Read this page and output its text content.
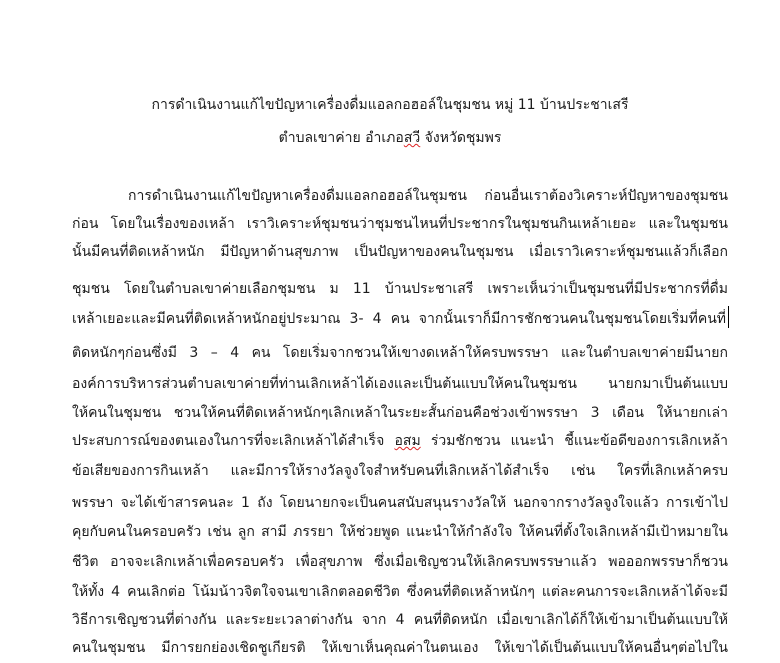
การดำเนินงานแก้ไขปัญหาเครื่องดื่มแอลกอฮอล์ในชุมชน หมู่ 11 บ้านประชาเสรี
ตำบลเขาค่าย อำเภอสวี จังหวัดชุมพร
การดำเนินงานแก้ไขปัญหาเครื่องดื่มแอลกอฮอล์ในชุมชน ก่อนอื่นเราต้องวิเคราะห์ปัญหาของชุมชน
ก่อน โดยในเรื่องของเหล้า เราวิเคราะห์ชุมชนว่าชุมชนไหนที่ประชากรในชุมชนกินเหล้าเยอะ และในชุมชน
นั้นมีคนที่ติดเหล้าหนัก มีปัญหาด้านสุขภาพ เป็นปัญหาของคนในชุมชน เมื่อเราวิเคราะห์ชุมชนแล้วก็เลือก
ชุมชน โดยในตำบลเขาค่ายเลือกชุมชน ม 11 บ้านประชาเสรี เพราะเห็นว่าเป็นชุมชนที่มีประชากรที่ดื่ม
เหล้าเยอะและมีคนที่ติดเหล้าหนักอยู่ประมาณ 3- 4 คน จากนั้นเราก็มีการชักชวนคนในชุมชนโดยเริ่มที่คนที่
ติดหนักๆก่อนซึ่งมี 3 – 4 คน โดยเริ่มจากชวนให้เขางดเหล้าให้ครบพรรษา และในตำบลเขาค่ายมีนายก
องค์การบริหารส่วนตำบลเขาค่ายที่ท่านเลิกเหล้าได้เองและเป็นต้นแบบให้คนในชุมชน นายกมาเป็นต้นแบบ
ให้คนในชุมชน ชวนให้คนที่ติดเหล้าหนักๆเลิกเหล้าในระยะสั้นก่อนคือช่วงเข้าพรรษา 3 เดือน ให้นายกเล่า
ประสบการณ์ของตนเองในการที่จะเลิกเหล้าได้สำเร็จ อสม ร่วมชักชวน แนะนำ ชี้แนะข้อดีของการเลิกเหล้า
ข้อเสียของการกินเหล้า และมีการให้รางวัลจูงใจสำหรับคนที่เลิกเหล้าได้สำเร็จ เช่น ใครที่เลิกเหล้าครบ
พรรษา จะได้เข้าสารคนละ 1 ถัง โดยนายกจะเป็นคนสนับสนุนรางวัลให้ นอกจากรางวัลจูงใจแล้ว การเข้าไป
คุยกับคนในครอบครัว เช่น ลูก สามี ภรรยา ให้ช่วยพูด แนะนำให้กำลังใจ ให้คนที่ตั้งใจเลิกเหล้ามีเป้าหมายใน
ชีวิต อาจจะเลิกเหล้าเพื่อครอบครัว เพื่อสุขภาพ ซึ่งเมื่อเชิญชวนให้เลิกครบพรรษาแล้ว พอออกพรรษาก็ชวน
ให้ทั้ง 4 คนเลิกต่อ โน้มน้าวจิตใจจนเขาเลิกตลอดชีวิต ซึ่งคนที่ติดเหล้าหนักๆ แต่ละคนการจะเลิกเหล้าได้จะมี
วิธีการเชิญชวนที่ต่างกัน และระยะเวลาต่างกัน จาก 4 คนที่ติดหนัก เมื่อเขาเลิกได้ก็ให้เข้ามาเป็นต้นแบบให้
คนในชุมชน มีการยกย่องเชิดชูเกียรติ ให้เขาเห็นคุณค่าในตนเอง ให้เขาได้เป็นต้นแบบให้คนอื่นๆต่อไปใน
